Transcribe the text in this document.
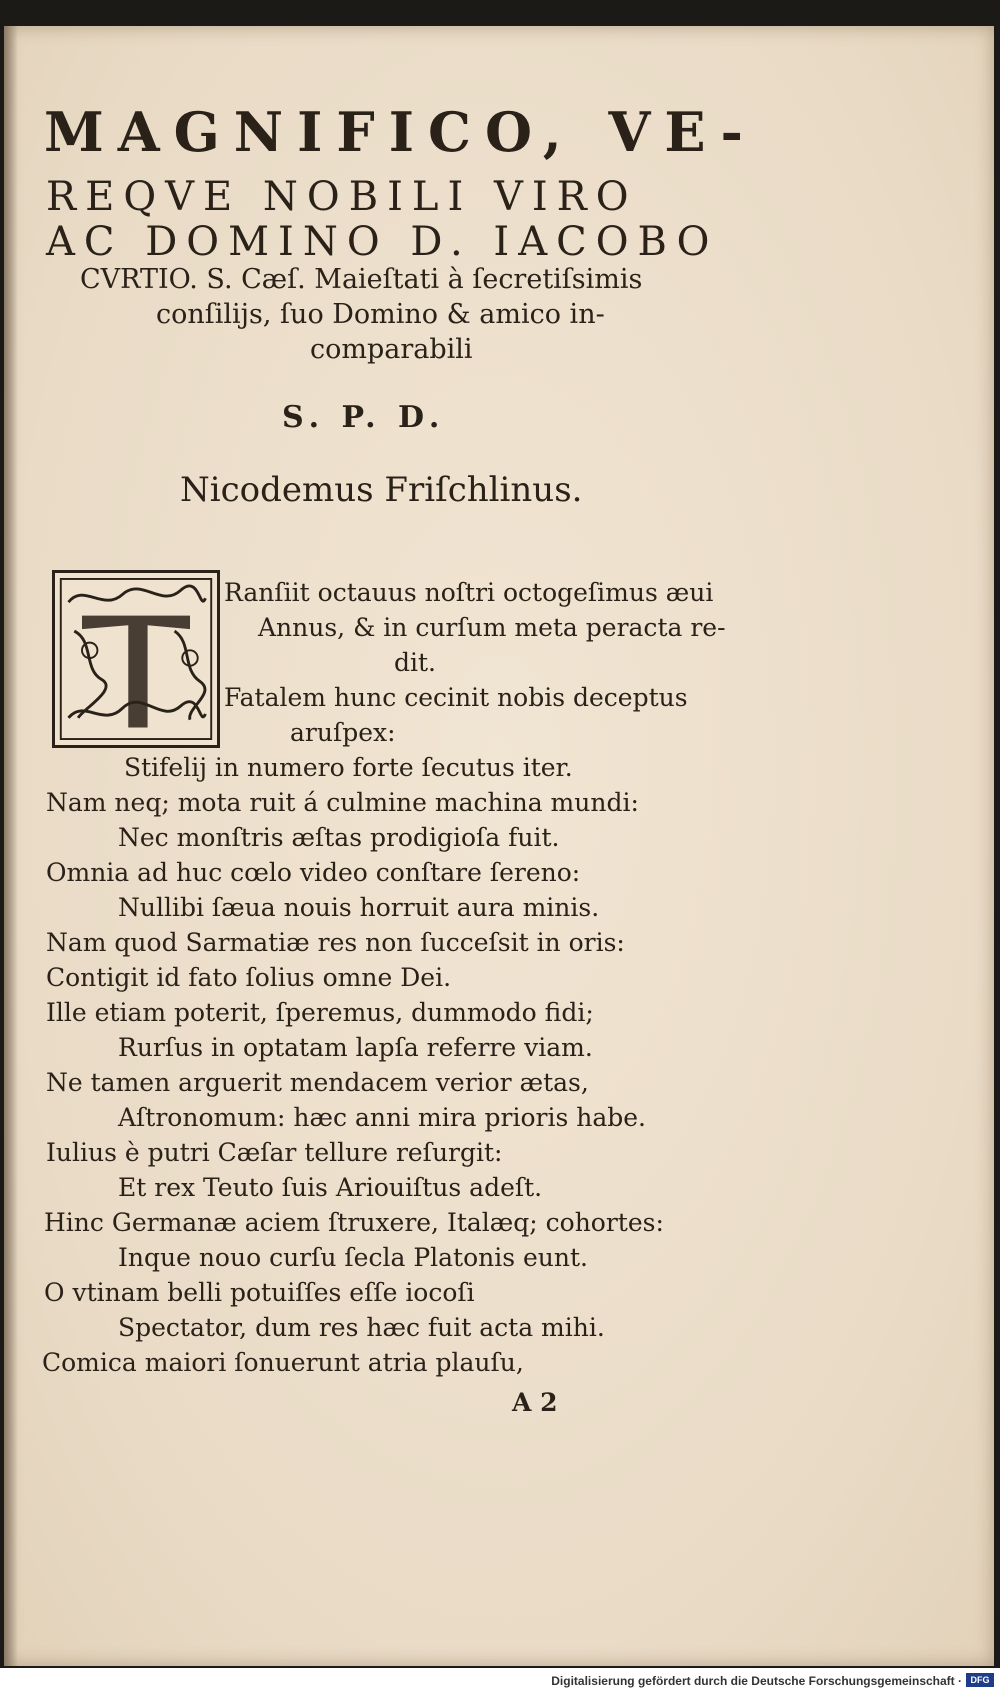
MAGNIFICO, VE-
REQVE NOBILI VIRO
AC DOMINO D. IACOBO
CVRTIO. S. Cæſ. Maieſtati à ſecretiſsimis
conſilijs, ſuo Domino & amico in-
comparabili
S. P. D.
Nicodemus Friſchlinus.
Ranſiit octauus noſtri octogeſimus æui
Annus, & in curſum meta peracta re-
dit.
Fatalem hunc cecinit nobis deceptus
aruſpex:
Stifelij in numero forte ſecutus iter.
Nam neq; mota ruit á culmine machina mundi:
Nec monſtris æſtas prodigioſa fuit.
Omnia ad huc cœlo video conſtare ſereno:
Nullibi ſæua nouis horruit aura minis.
Nam quod Sarmatiæ res non ſucceſsit in oris:
Contigit id fato ſolius omne Dei.
Ille etiam poterit, ſperemus, dummodo fidi;
Rurſus in optatam lapſa referre viam.
Ne tamen arguerit mendacem verior ætas,
Aſtronomum: hæc anni mira prioris habe.
Iulius è putri Cæſar tellure reſurgit:
Et rex Teuto ſuis Ariouiſtus adeſt.
Hinc Germanæ aciem ſtruxere, Italæq; cohortes:
Inque nouo curſu ſecla Platonis eunt.
O vtinam belli potuiſſes eſſe iocoſi
Spectator, dum res hæc fuit acta mihi.
Comica maiori ſonuerunt atria plauſu,
A 2
Digitalisierung gefördert durch die Deutsche Forschungsgemeinschaft · DFG
